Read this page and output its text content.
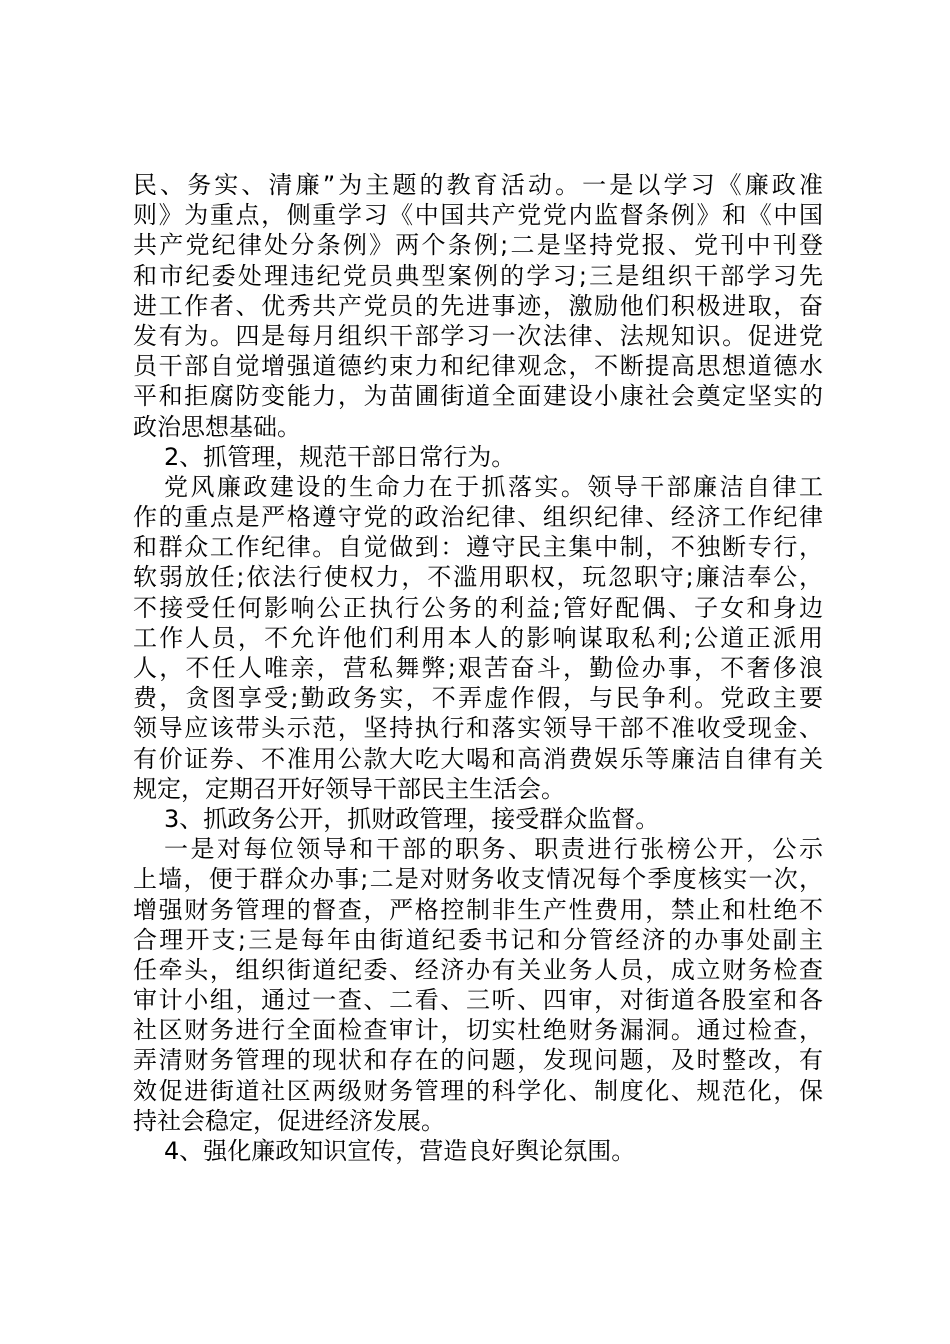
民、务实、清廉”为主题的教育活动。一是以学习《廉政准
则》为重点，侧重学习《中国共产党党内监督条例》和《中国
共产党纪律处分条例》两个条例;二是坚持党报、党刊中刊登
和市纪委处理违纪党员典型案例的学习;三是组织干部学习先
进工作者、优秀共产党员的先进事迹，激励他们积极进取，奋
发有为。四是每月组织干部学习一次法律、法规知识。促进党
员干部自觉增强道德约束力和纪律观念，不断提高思想道德水
平和拒腐防变能力，为苗圃街道全面建设小康社会奠定坚实的
政治思想基础。
2、抓管理，规范干部日常行为。
党风廉政建设的生命力在于抓落实。领导干部廉洁自律工
作的重点是严格遵守党的政治纪律、组织纪律、经济工作纪律
和群众工作纪律。自觉做到：遵守民主集中制，不独断专行，
软弱放任;依法行使权力，不滥用职权，玩忽职守;廉洁奉公，
不接受任何影响公正执行公务的利益;管好配偶、子女和身边
工作人员，不允许他们利用本人的影响谋取私利;公道正派用
人，不任人唯亲，营私舞弊;艰苦奋斗，勤俭办事，不奢侈浪
费，贪图享受;勤政务实，不弄虚作假，与民争利。党政主要
领导应该带头示范，坚持执行和落实领导干部不准收受现金、
有价证券、不准用公款大吃大喝和高消费娱乐等廉洁自律有关
规定，定期召开好领导干部民主生活会。
3、抓政务公开，抓财政管理，接受群众监督。
一是对每位领导和干部的职务、职责进行张榜公开，公示
上墙，便于群众办事;二是对财务收支情况每个季度核实一次，
增强财务管理的督查，严格控制非生产性费用，禁止和杜绝不
合理开支;三是每年由街道纪委书记和分管经济的办事处副主
任牵头，组织街道纪委、经济办有关业务人员，成立财务检查
审计小组，通过一查、二看、三听、四审，对街道各股室和各
社区财务进行全面检查审计，切实杜绝财务漏洞。通过检查，
弄清财务管理的现状和存在的问题，发现问题，及时整改，有
效促进街道社区两级财务管理的科学化、制度化、规范化，保
持社会稳定，促进经济发展。
4、强化廉政知识宣传，营造良好舆论氛围。
